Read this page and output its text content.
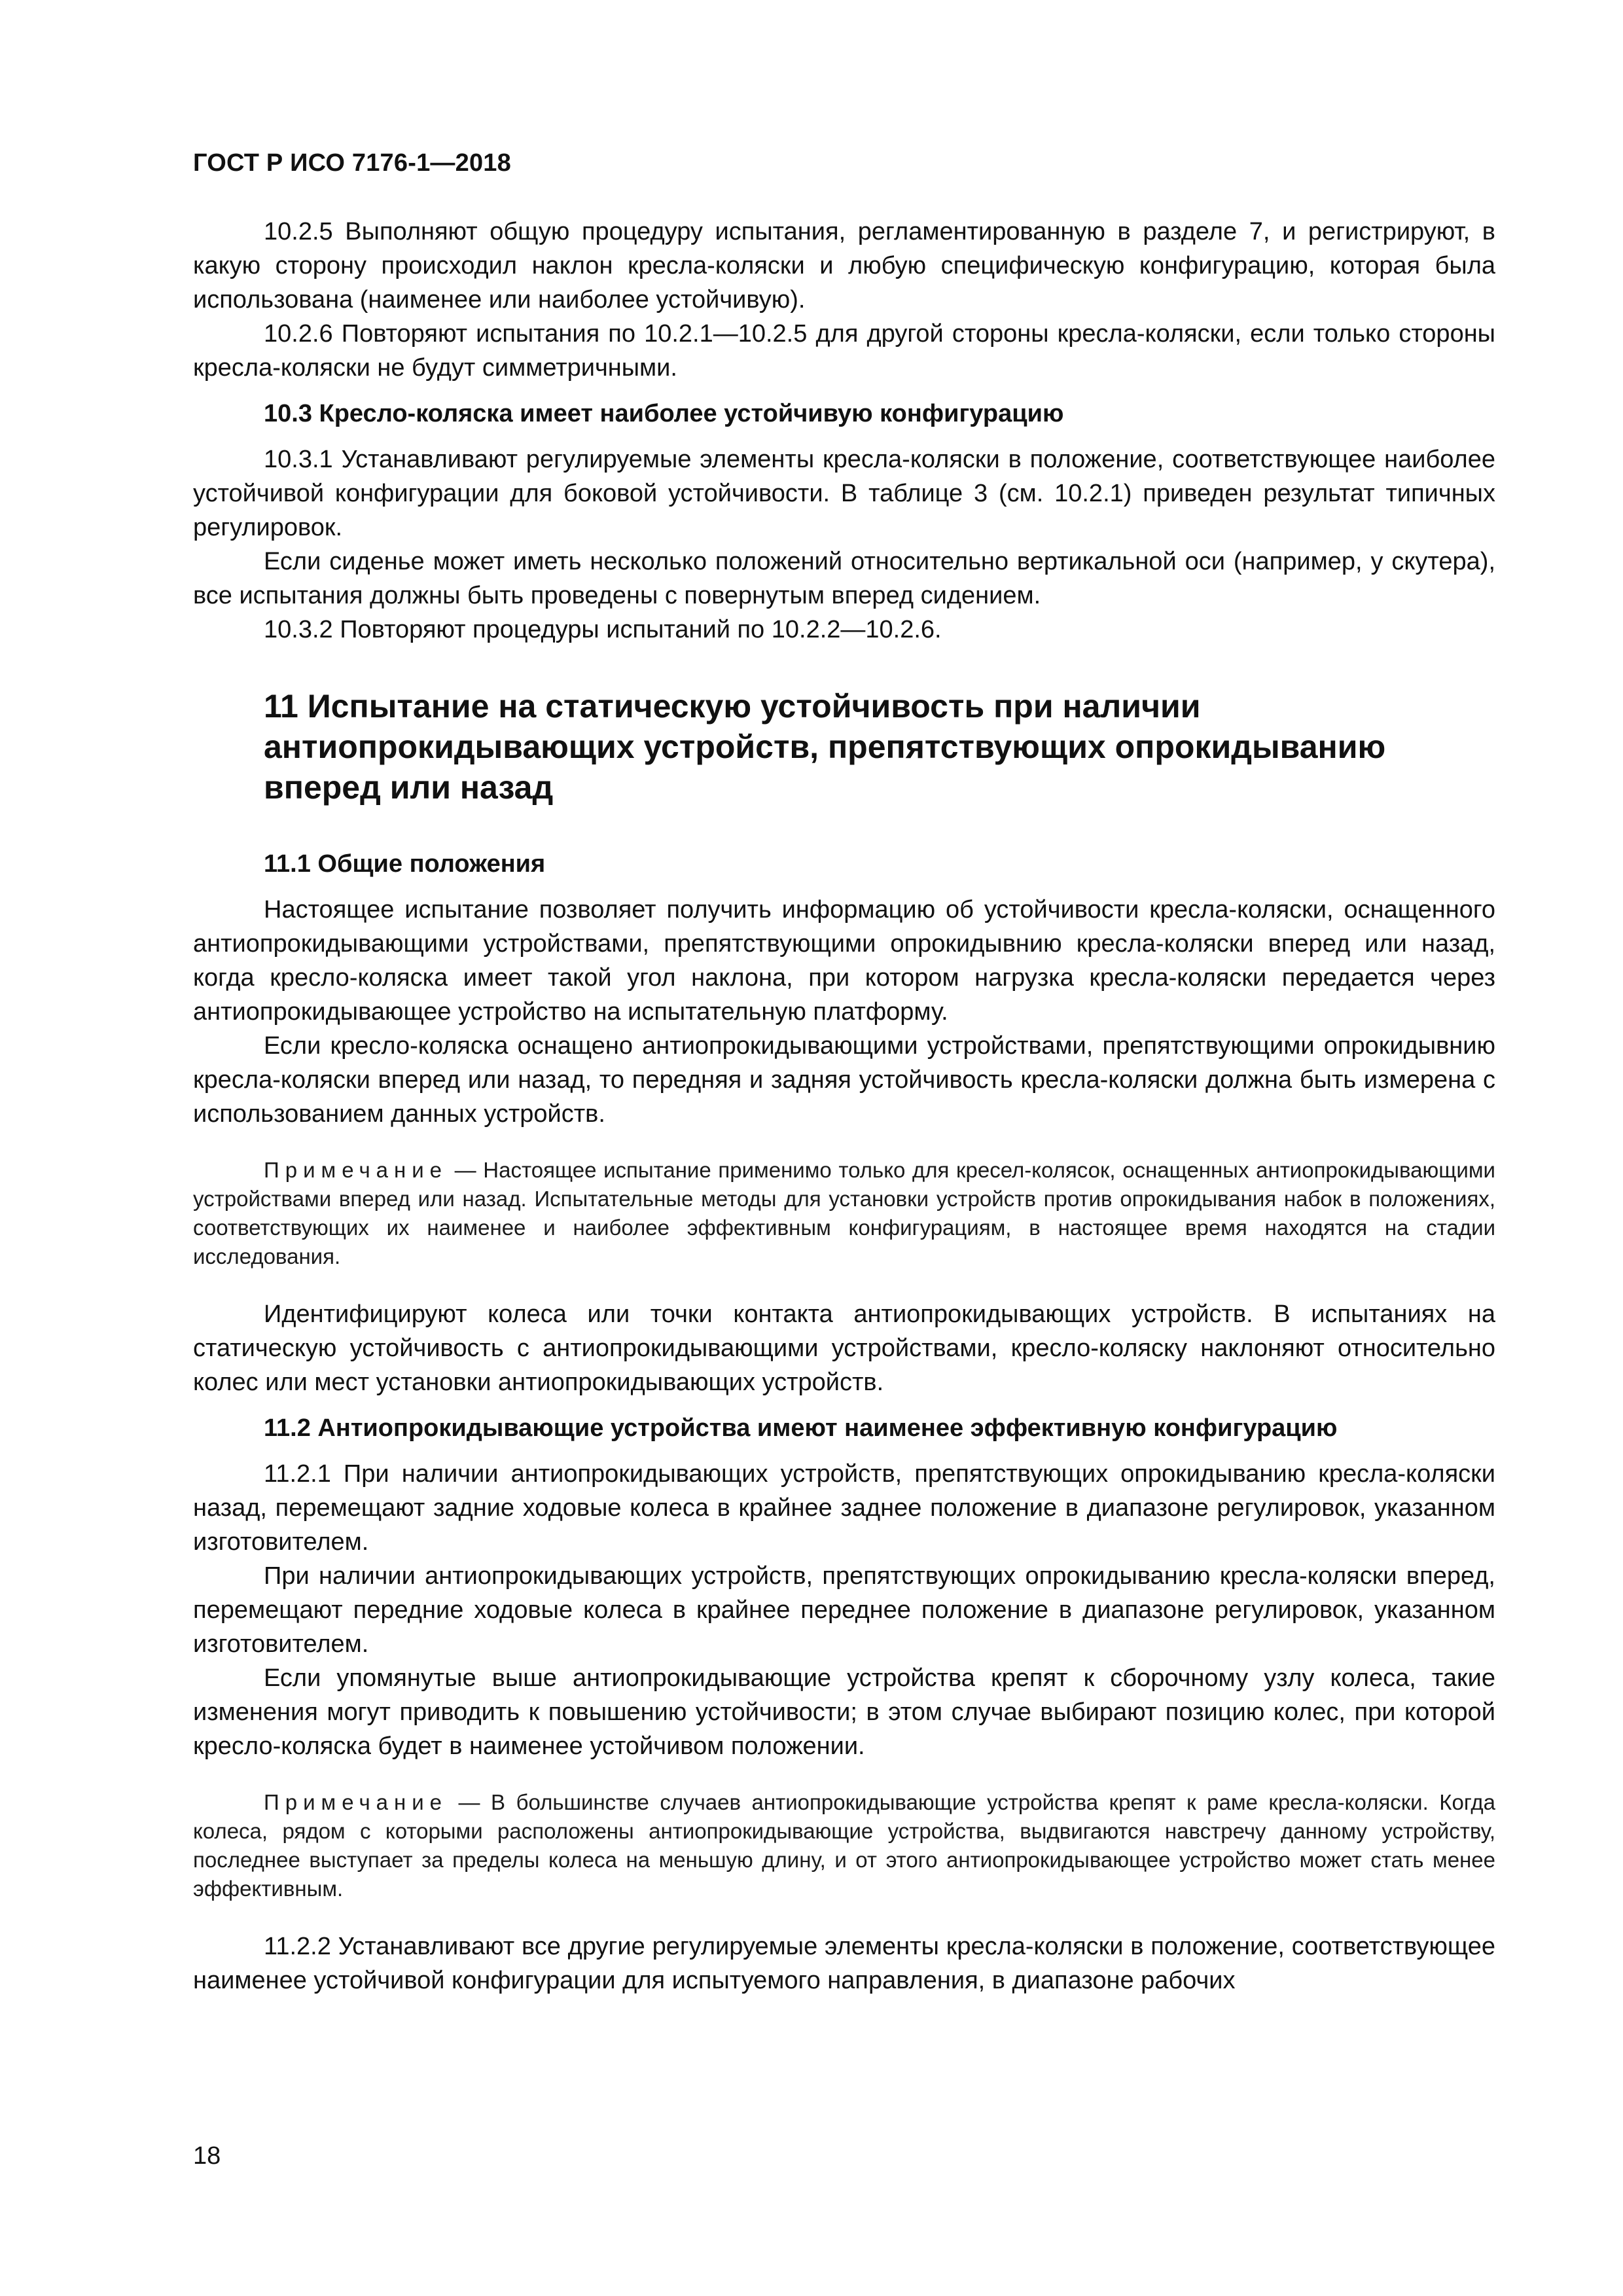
ГОСТ Р ИСО 7176-1—2018

10.2.5 Выполняют общую процедуру испытания, регламентированную в разделе 7, и регистрируют, в какую сторону происходил наклон кресла-коляски и любую специфическую конфигурацию, которая была использована (наименее или наиболее устойчивую).

10.2.6 Повторяют испытания по 10.2.1—10.2.5 для другой стороны кресла-коляски, если только стороны кресла-коляски не будут симметричными.

10.3 Кресло-коляска имеет наиболее устойчивую конфигурацию

10.3.1 Устанавливают регулируемые элементы кресла-коляски в положение, соответствующее наиболее устойчивой конфигурации для боковой устойчивости. В таблице 3 (см. 10.2.1) приведен результат типичных регулировок.

Если сиденье может иметь несколько положений относительно вертикальной оси (например, у скутера), все испытания должны быть проведены с повернутым вперед сидением.

10.3.2 Повторяют процедуры испытаний по 10.2.2—10.2.6.

11 Испытание на статическую устойчивость при наличии антиопрокидывающих устройств, препятствующих опрокидыванию вперед или назад
11.1 Общие положения

Настоящее испытание позволяет получить информацию об устойчивости кресла-коляски, оснащенного антиопрокидывающими устройствами, препятствующими опрокидывнию кресла-коляски вперед или назад, когда кресло-коляска имеет такой угол наклона, при котором нагрузка кресла-коляски передается через антиопрокидывающее устройство на испытательную платформу.

Если кресло-коляска оснащено антиопрокидывающими устройствами, препятствующими опрокидывнию кресла-коляски вперед или назад, то передняя и задняя устойчивость кресла-коляски должна быть измерена с использованием данных устройств.

Примечание — Настоящее испытание применимо только для кресел-колясок, оснащенных антиопрокидывающими устройствами вперед или назад. Испытательные методы для установки устройств против опрокидывания набок в положениях, соответствующих их наименее и наиболее эффективным конфигурациям, в настоящее время находятся на стадии исследования.

Идентифицируют колеса или точки контакта антиопрокидывающих устройств. В испытаниях на статическую устойчивость с антиопрокидывающими устройствами, кресло-коляску наклоняют относительно колес или мест установки антиопрокидывающих устройств.

11.2 Антиопрокидывающие устройства имеют наименее эффективную конфигурацию

11.2.1 При наличии антиопрокидывающих устройств, препятствующих опрокидыванию кресла-коляски назад, перемещают задние ходовые колеса в крайнее заднее положение в диапазоне регулировок, указанном изготовителем.

При наличии антиопрокидывающих устройств, препятствующих опрокидыванию кресла-коляски вперед, перемещают передние ходовые колеса в крайнее переднее положение в диапазоне регулировок, указанном изготовителем.

Если упомянутые выше антиопрокидывающие устройства крепят к сборочному узлу колеса, такие изменения могут приводить к повышению устойчивости; в этом случае выбирают позицию колес, при которой кресло-коляска будет в наименее устойчивом положении.

Примечание — В большинстве случаев антиопрокидывающие устройства крепят к раме кресла-коляски. Когда колеса, рядом с которыми расположены антиопрокидывающие устройства, выдвигаются навстречу данному устройству, последнее выступает за пределы колеса на меньшую длину, и от этого антиопрокидывающее устройство может стать менее эффективным.

11.2.2 Устанавливают все другие регулируемые элементы кресла-коляски в положение, соответствующее наименее устойчивой конфигурации для испытуемого направления, в диапазоне рабочих

18
